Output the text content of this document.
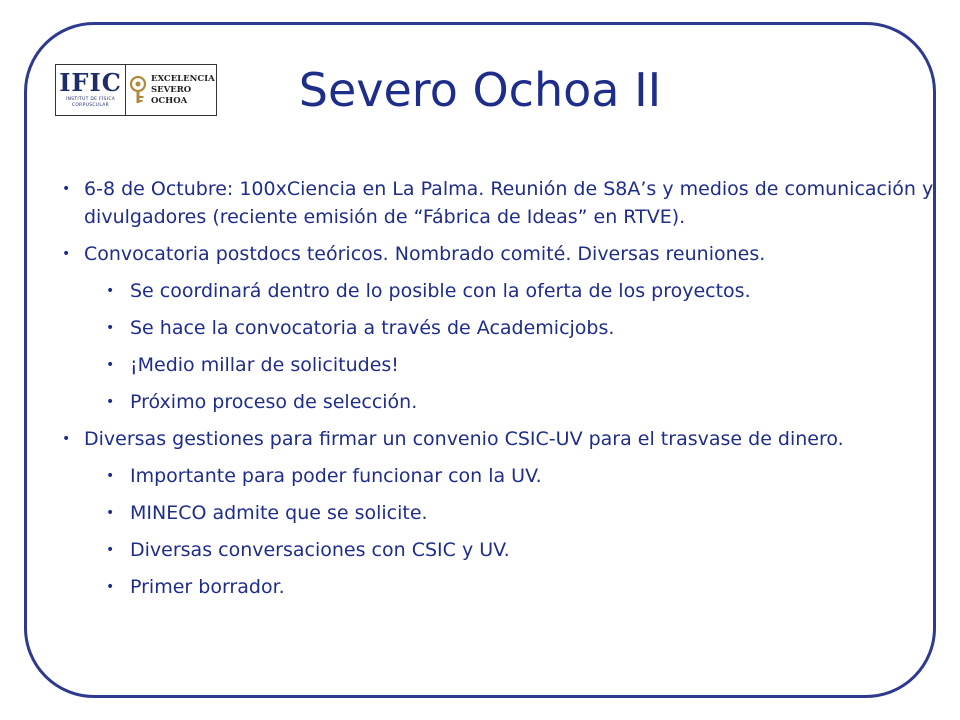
IFIC
INSTITUT DE FÍSICA
CORPUSCULAR
EXCELENCIA
SEVERO
OCHOA	Severo Ochoa II
• 6-8 de Octubre: 100xCiencia en La Palma. Reunión de S8A’s y medios de comunicación y divulgadores (reciente emisión de “Fábrica de Ideas” en RTVE).
• Convocatoria postdocs teóricos. Nombrado comité. Diversas reuniones.
• Se coordinará dentro de lo posible con la oferta de los proyectos.
• Se hace la convocatoria a través de Academicjobs.
• ¡Medio millar de solicitudes!
• Próximo proceso de selección.
• Diversas gestiones para firmar un convenio CSIC-UV para el trasvase de dinero.
• Importante para poder funcionar con la UV.
• MINECO admite que se solicite.
• Diversas conversaciones con CSIC y UV.
• Primer borrador.
